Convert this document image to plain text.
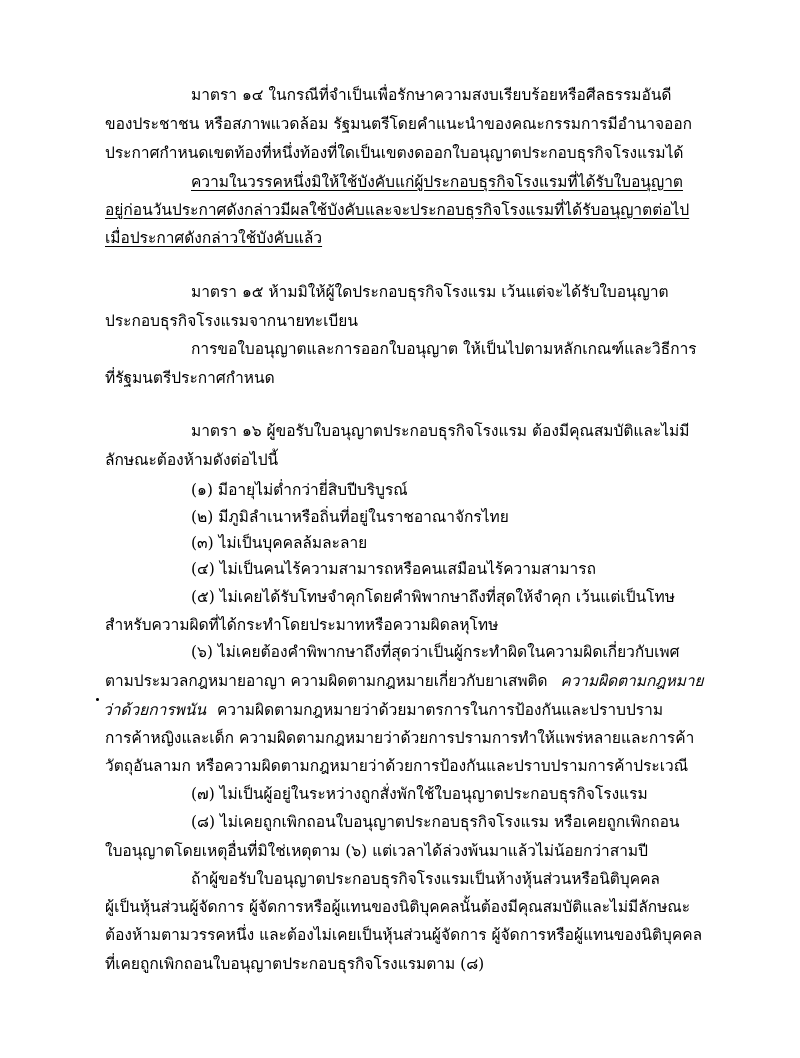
มาตรา ๑๔ ในกรณีที่จำเป็นเพื่อรักษาความสงบเรียบร้อยหรือศีลธรรมอันดี
ของประชาชน หรือสภาพแวดล้อม รัฐมนตรีโดยคำแนะนำของคณะกรรมการมีอำนาจออก
ประกาศกำหนดเขตท้องที่หนึ่งท้องที่ใดเป็นเขตงดออกใบอนุญาตประกอบธุรกิจโรงแรมได้
ความในวรรคหนึ่งมิให้ใช้บังคับแก่ผู้ประกอบธุรกิจโรงแรมที่ได้รับใบอนุญาต
อยู่ก่อนวันประกาศดังกล่าวมีผลใช้บังคับและจะประกอบธุรกิจโรงแรมที่ได้รับอนุญาตต่อไป
เมื่อประกาศดังกล่าวใช้บังคับแล้ว
มาตรา ๑๕ ห้ามมิให้ผู้ใดประกอบธุรกิจโรงแรม เว้นแต่จะได้รับใบอนุญาต
ประกอบธุรกิจโรงแรมจากนายทะเบียน
การขอใบอนุญาตและการออกใบอนุญาต ให้เป็นไปตามหลักเกณฑ์และวิธีการ
ที่รัฐมนตรีประกาศกำหนด
มาตรา ๑๖ ผู้ขอรับใบอนุญาตประกอบธุรกิจโรงแรม ต้องมีคุณสมบัติและไม่มี
ลักษณะต้องห้ามดังต่อไปนี้
(๑) มีอายุไม่ต่ำกว่ายี่สิบปีบริบูรณ์
(๒) มีภูมิลำเนาหรือถิ่นที่อยู่ในราชอาณาจักรไทย
(๓) ไม่เป็นบุคคลล้มละลาย
(๔) ไม่เป็นคนไร้ความสามารถหรือคนเสมือนไร้ความสามารถ
(๕) ไม่เคยได้รับโทษจำคุกโดยคำพิพากษาถึงที่สุดให้จำคุก เว้นแต่เป็นโทษ
สำหรับความผิดที่ได้กระทำโดยประมาทหรือความผิดลหุโทษ
(๖) ไม่เคยต้องคำพิพากษาถึงที่สุดว่าเป็นผู้กระทำผิดในความผิดเกี่ยวกับเพศ
ตามประมวลกฎหมายอาญา ความผิดตามกฎหมายเกี่ยวกับยาเสพติด ความผิดตามกฎหมาย
ว่าด้วยการพนัน ความผิดตามกฎหมายว่าด้วยมาตรการในการป้องกันและปราบปราม
การค้าหญิงและเด็ก ความผิดตามกฎหมายว่าด้วยการปรามการทำให้แพร่หลายและการค้า
วัตถุอันลามก หรือความผิดตามกฎหมายว่าด้วยการป้องกันและปราบปรามการค้าประเวณี
(๗) ไม่เป็นผู้อยู่ในระหว่างถูกสั่งพักใช้ใบอนุญาตประกอบธุรกิจโรงแรม
(๘) ไม่เคยถูกเพิกถอนใบอนุญาตประกอบธุรกิจโรงแรม หรือเคยถูกเพิกถอน
ใบอนุญาตโดยเหตุอื่นที่มิใช่เหตุตาม (๖) แต่เวลาได้ล่วงพ้นมาแล้วไม่น้อยกว่าสามปี
ถ้าผู้ขอรับใบอนุญาตประกอบธุรกิจโรงแรมเป็นห้างหุ้นส่วนหรือนิติบุคคล
ผู้เป็นหุ้นส่วนผู้จัดการ ผู้จัดการหรือผู้แทนของนิติบุคคลนั้นต้องมีคุณสมบัติและไม่มีลักษณะ
ต้องห้ามตามวรรคหนึ่ง และต้องไม่เคยเป็นหุ้นส่วนผู้จัดการ ผู้จัดการหรือผู้แทนของนิติบุคคล
ที่เคยถูกเพิกถอนใบอนุญาตประกอบธุรกิจโรงแรมตาม (๘)
